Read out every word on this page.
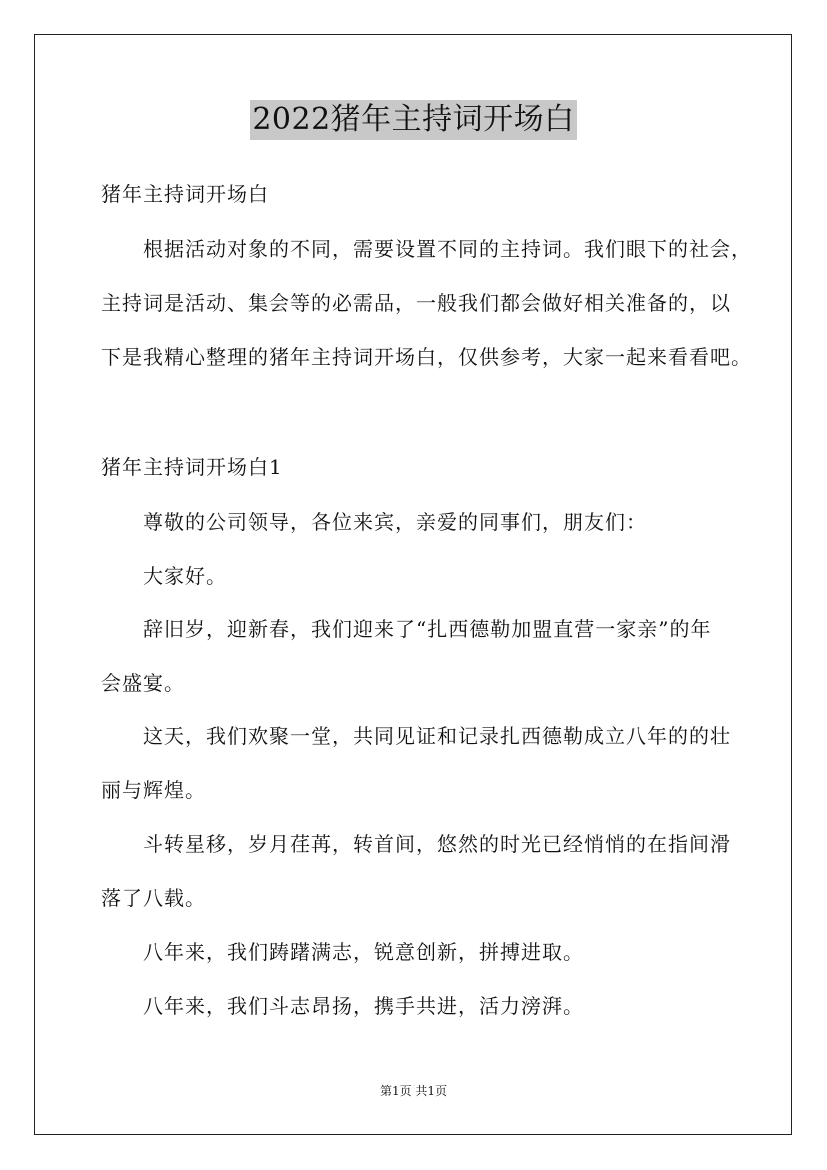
2022猪年主持词开场白
猪年主持词开场白
根据活动对象的不同，需要设置不同的主持词。我们眼下的社会，
主持词是活动、集会等的必需品，一般我们都会做好相关准备的，以
下是我精心整理的猪年主持词开场白，仅供参考，大家一起来看看吧。
猪年主持词开场白1
尊敬的公司领导，各位来宾，亲爱的同事们，朋友们：
大家好。
辞旧岁，迎新春，我们迎来了“扎西德勒加盟直营一家亲”的年
会盛宴。
这天，我们欢聚一堂，共同见证和记录扎西德勒成立八年的的壮
丽与辉煌。
斗转星移，岁月荏苒，转首间，悠然的时光已经悄悄的在指间滑
落了八载。
八年来，我们踌躇满志，锐意创新，拼搏进取。
八年来，我们斗志昂扬，携手共进，活力滂湃。
第1页 共1页
